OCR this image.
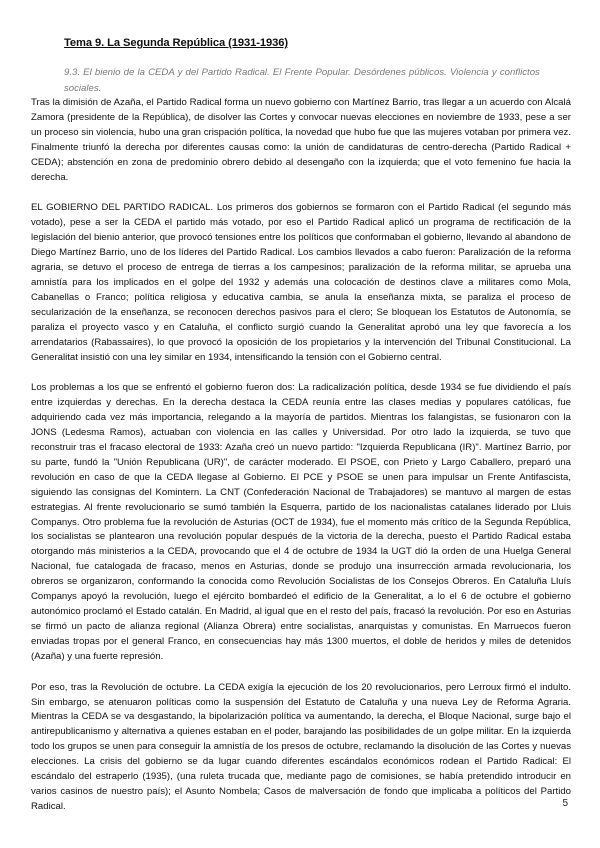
Tema 9. La Segunda República (1931-1936)
9.3. El bienio de la CEDA y del Partido Radical. El Frente Popular. Desórdenes públicos. Violencia y conflictos sociales.

Tras la dimisión de Azaña, el Partido Radical forma un nuevo gobierno con Martínez Barrio, tras llegar a un acuerdo con Alcalá Zamora (presidente de la República), de disolver las Cortes y convocar nuevas elecciones en noviembre de 1933, pese a ser un proceso sin violencia, hubo una gran crispación política, la novedad que hubo fue que las mujeres votaban por primera vez. Finalmente triunfó la derecha por diferentes causas como: la unión de candidaturas de centro-derecha (Partido Radical + CEDA); abstención en zona de predominio obrero debido al desengaño con la izquierda; que el voto femenino fue hacia la derecha.

EL GOBIERNO DEL PARTIDO RADICAL. Los primeros dos gobiernos se formaron con el Partido Radical (el segundo más votado), pese a ser la CEDA el partido más votado, por eso el Partido Radical aplicó un programa de rectificación de la legislación del bienio anterior, que provocó tensiones entre los políticos que conformaban el gobierno, llevando al abandono de Diego Martínez Barrio, uno de los líderes del Partido Radical. Los cambios llevados a cabo fueron: Paralización de la reforma agraria, se detuvo el proceso de entrega de tierras a los campesinos; paralización de la reforma militar, se aprueba una amnistía para los implicados en el golpe del 1932 y además una colocación de destinos clave a militares como Mola, Cabanellas o Franco; política religiosa y educativa cambia, se anula la enseñanza mixta, se paraliza el proceso de secularización de la enseñanza, se reconocen derechos pasivos para el clero; Se bloquean los Estatutos de Autonomía, se paraliza el proyecto vasco y en Cataluña, el conflicto surgió cuando la Generalitat aprobó una ley que favorecía a los arrendatarios (Rabassaires), lo que provocó la oposición de los propietarios y la intervención del Tribunal Constitucional. La Generalitat insistió con una ley similar en 1934, intensificando la tensión con el Gobierno central.

Los problemas a los que se enfrentó el gobierno fueron dos: La radicalización política, desde 1934 se fue dividiendo el país entre izquierdas y derechas. En la derecha destaca la CEDA reunía entre las clases medias y populares católicas, fue adquiriendo cada vez más importancia, relegando a la mayoría de partidos. Mientras los falangistas, se fusionaron con la JONS (Ledesma Ramos), actuaban con violencia en las calles y Universidad. Por otro lado la izquierda, se tuvo que reconstruir tras el fracaso electoral de 1933: Azaña creó un nuevo partido: "Izquierda Republicana (IR)". Martínez Barrio, por su parte, fundó la "Unión Republicana (UR)", de carácter moderado. El PSOE, con Prieto y Largo Caballero, preparó una revolución en caso de que la CEDA llegase al Gobierno. El PCE y PSOE se unen para impulsar un Frente Antifascista, siguiendo las consignas del Komintern. La CNT (Confederación Nacional de Trabajadores) se mantuvo al margen de estas estrategias. Al frente revolucionario se sumó también la Esquerra, partido de los nacionalistas catalanes liderado por Lluis Companys. Otro problema fue la revolución de Asturias (OCT de 1934), fue el momento más crítico de la Segunda República, los socialistas se plantearon una revolución popular después de la victoria de la derecha, puesto el Partido Radical estaba otorgando más ministerios a la CEDA, provocando que el 4 de octubre de 1934 la UGT dió la orden de una Huelga General Nacional, fue catalogada de fracaso, menos en Asturias, donde se produjo una insurrección armada revolucionaria, los obreros se organizaron, conformando la conocida como Revolución Socialistas de los Consejos Obreros. En Cataluña Lluís Companys apoyó la revolución, luego el ejército bombardeó el edificio de la Generalitat, a lo el 6 de octubre el gobierno autonómico proclamó el Estado catalán. En Madrid, al igual que en el resto del país, fracasó la revolución. Por eso en Asturias se firmó un pacto de alianza regional (Alianza Obrera) entre socialistas, anarquistas y comunistas. En Marruecos fueron enviadas tropas por el general Franco, en consecuencias hay más 1300 muertos, el doble de heridos y miles de detenidos (Azaña) y una fuerte represión.

Por eso, tras la Revolución de octubre. La CEDA exigía la ejecución de los 20 revolucionarios, pero Lerroux firmó el indulto. Sin embargo, se atenuaron políticas como la suspensión del Estatuto de Cataluña y una nueva Ley de Reforma Agraria. Mientras la CEDA se va desgastando, la bipolarización política va aumentando, la derecha, el Bloque Nacional, surge bajo el antirepublicanismo y alternativa a quienes estaban en el poder, barajando las posibilidades de un golpe militar. En la izquierda todo los grupos se unen para conseguir la amnistía de los presos de octubre, reclamando la disolución de las Cortes y nuevas elecciones. La crisis del gobierno se da lugar cuando diferentes escándalos económicos rodean el Partido Radical: El escándalo del estraperlo (1935), (una ruleta trucada que, mediante pago de comisiones, se había pretendido introducir en varios casinos de nuestro país); el Asunto Nombela; Casos de malversación de fondo que implicaba a políticos del Partido Radical.	5
